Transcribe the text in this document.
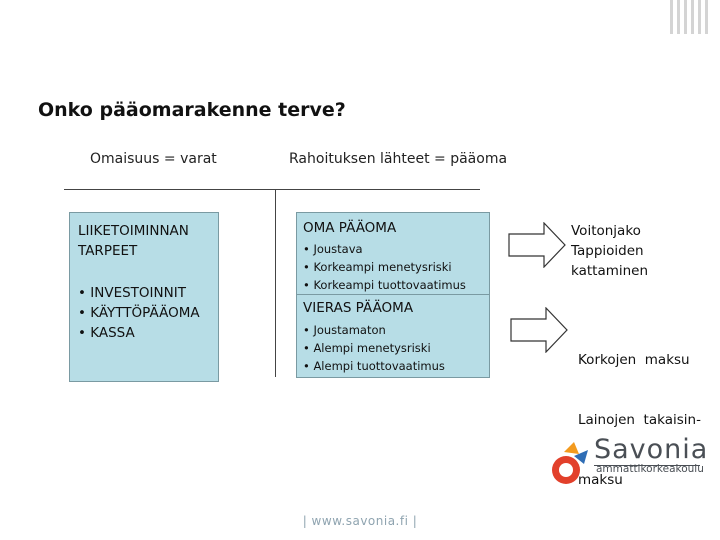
Onko pääomarakenne terve?
Omaisuus = varat	Rahoituksen lähteet = pääoma
LIIKETOIMINNAN
TARPEET
• INVESTOINNIT
• KÄYTTÖPÄÄOMA
• KASSA
OMA PÄÄOMA
• Joustava
• Korkeampi menetysriski
• Korkeampi tuottovaatimus
VIERAS PÄÄOMA
• Joustamaton
• Alempi menetysriski
• Alempi tuottovaatimus
Voitonjako
Tappioiden
kattaminen

Korkojen  maksu

Lainojen  takaisin-

maksu

Savonia
ammattikorkeakoulu
| www.savonia.fi |
